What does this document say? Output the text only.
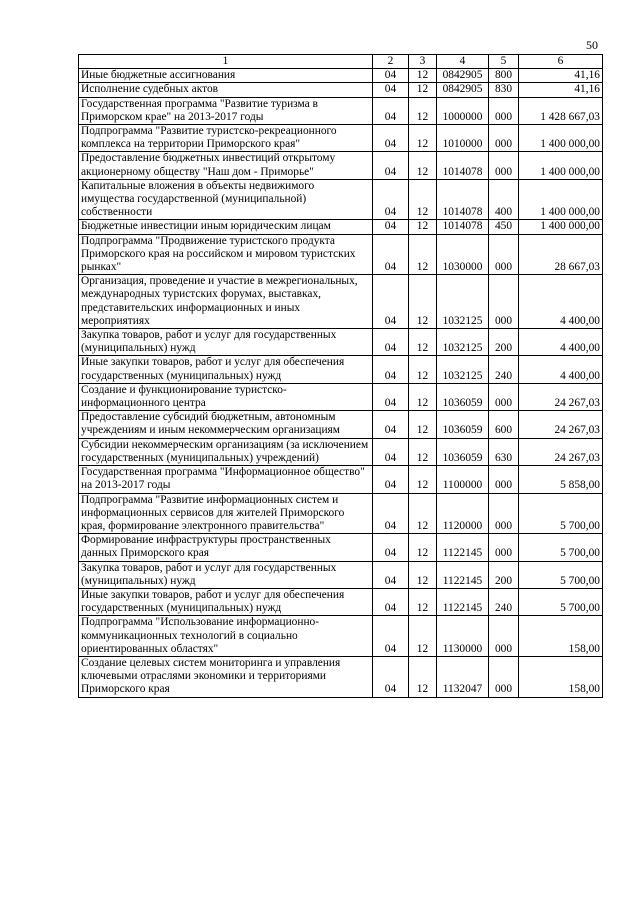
50
1	2	3	4	5	6
Иные бюджетные ассигнования	04	12	0842905	800	41,16
Исполнение судебных актов	04	12	0842905	830	41,16
Государственная программа "Развитие туризма в Приморском крае" на 2013-2017 годы	04	12	1000000	000	1 428 667,03
Подпрограмма "Развитие туристско-рекреационного комплекса на территории Приморского края"	04	12	1010000	000	1 400 000,00
Предоставление бюджетных инвестиций открытому акционерному обществу "Наш дом - Приморье"	04	12	1014078	000	1 400 000,00
Капитальные вложения в объекты недвижимого имущества государственной (муниципальной) собственности	04	12	1014078	400	1 400 000,00
Бюджетные инвестиции иным юридическим лицам	04	12	1014078	450	1 400 000,00
Подпрограмма "Продвижение туристского продукта Приморского края на российском и мировом туристских рынках"	04	12	1030000	000	28 667,03
Организация, проведение и участие в межрегиональных, международных туристских форумах, выставках, представительских информационных и иных мероприятиях	04	12	1032125	000	4 400,00
Закупка товаров, работ и услуг для государственных (муниципальных) нужд	04	12	1032125	200	4 400,00
Иные закупки товаров, работ и услуг для обеспечения государственных (муниципальных) нужд	04	12	1032125	240	4 400,00
Создание и функционирование туристско-информационного центра	04	12	1036059	000	24 267,03
Предоставление субсидий бюджетным, автономным учреждениям и иным некоммерческим организациям	04	12	1036059	600	24 267,03
Субсидии некоммерческим организациям (за исключением государственных (муниципальных) учреждений)	04	12	1036059	630	24 267,03
Государственная программа "Информационное общество" на 2013-2017 годы	04	12	1100000	000	5 858,00
Подпрограмма "Развитие информационных систем и информационных сервисов для жителей Приморского края, формирование электронного правительства"	04	12	1120000	000	5 700,00
Формирование инфраструктуры пространственных данных Приморского края	04	12	1122145	000	5 700,00
Закупка товаров, работ и услуг для государственных (муниципальных) нужд	04	12	1122145	200	5 700,00
Иные закупки товаров, работ и услуг для обеспечения государственных (муниципальных) нужд	04	12	1122145	240	5 700,00
Подпрограмма "Использование информационно-коммуникационных технологий в социально ориентированных областях"	04	12	1130000	000	158,00
Создание целевых систем мониторинга и управления ключевыми отраслями экономики и территориями Приморского края	04	12	1132047	000	158,00
